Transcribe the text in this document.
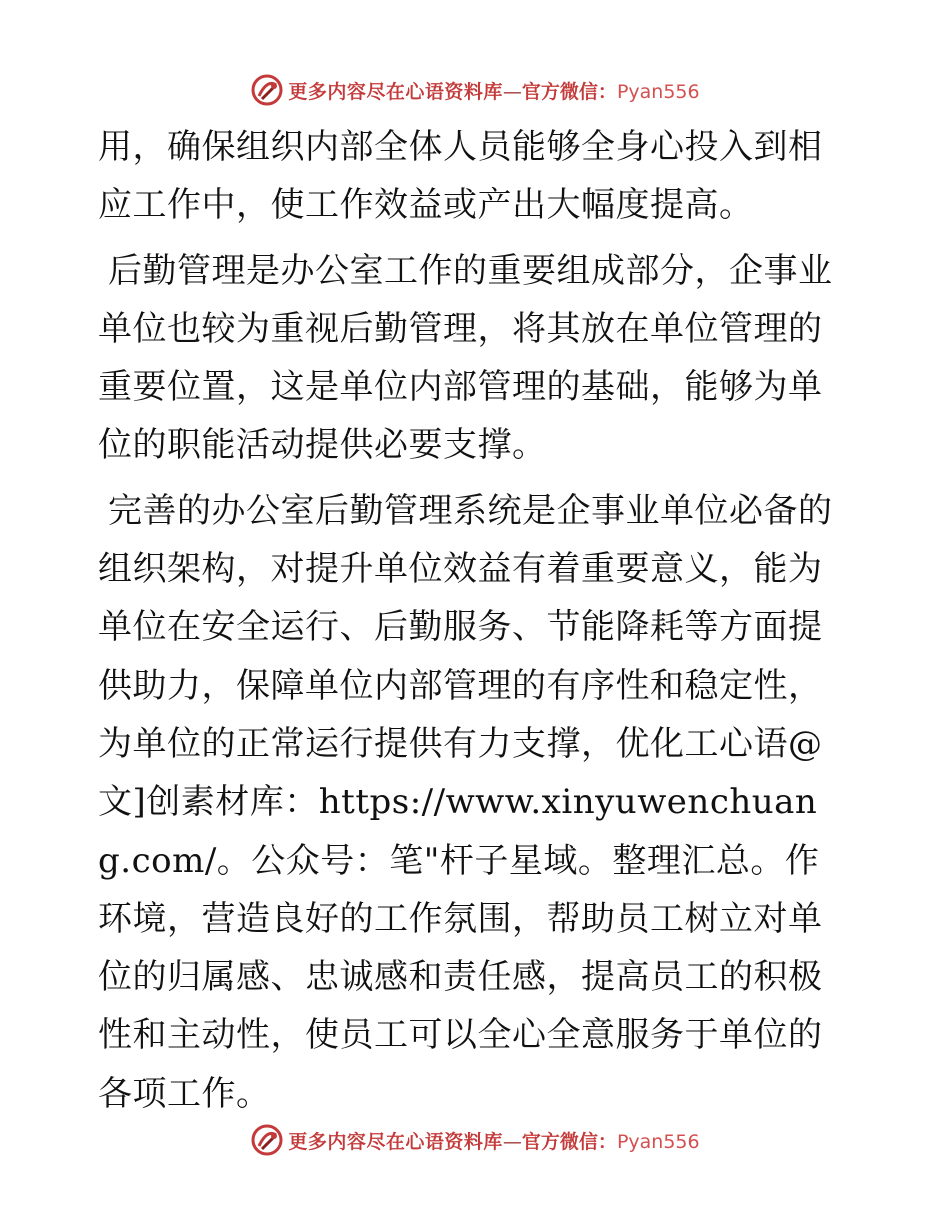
更多内容尽在心语资料库—官方微信：Pyan556

用，确保组织内部全体人员能够全身心投入到相应工作中，使工作效益或产出大幅度提高。

后勤管理是办公室工作的重要组成部分，企事业单位也较为重视后勤管理，将其放在单位管理的重要位置，这是单位内部管理的基础，能够为单位的职能活动提供必要支撑。

完善的办公室后勤管理系统是企事业单位必备的组织架构，对提升单位效益有着重要意义，能为单位在安全运行、后勤服务、节能降耗等方面提供助力，保障单位内部管理的有序性和稳定性，为单位的正常运行提供有力支撑，优化工心语@文]创素材库：https://www.xinyuwenchuang.com/。公众号：笔"杆子星域。整理汇总。作环境，营造良好的工作氛围，帮助员工树立对单位的归属感、忠诚感和责任感，提高员工的积极性和主动性，使员工可以全心全意服务于单位的各项工作。

更多内容尽在心语资料库—官方微信：Pyan556
